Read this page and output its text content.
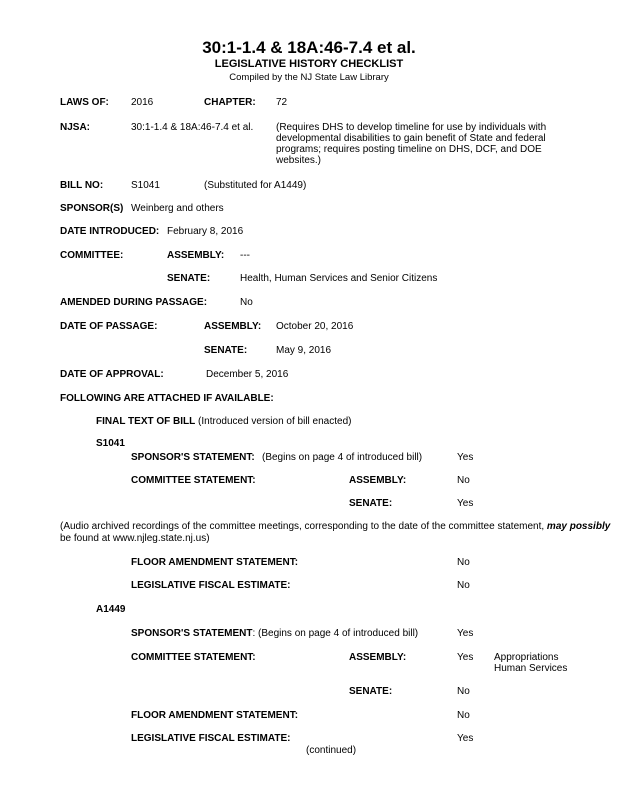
30:1-1.4 & 18A:46-7.4 et al.
LEGISLATIVE HISTORY CHECKLIST
Compiled by the NJ State Law Library
LAWS OF: 2016	CHAPTER: 72
NJSA:	30:1-1.4 & 18A:46-7.4 et al. (Requires DHS to develop timeline for use by individuals with
developmental disabilities to gain benefit of State and federal
programs; requires posting timeline on DHS, DCF, and DOE
websites.)
BILL NO:	S1041	(Substituted for A1449)
SPONSOR(S) Weinberg and others
DATE INTRODUCED: February 8, 2016
COMMITTEE:	ASSEMBLY: ---
SENATE:	Health, Human Services and Senior Citizens
AMENDED DURING PASSAGE:	No
DATE OF PASSAGE:	ASSEMBLY: October 20, 2016
SENATE:	May 9, 2016
DATE OF APPROVAL:	December 5, 2016
FOLLOWING ARE ATTACHED IF AVAILABLE:
FINAL TEXT OF BILL (Introduced version of bill enacted)
S1041
SPONSOR'S STATEMENT: (Begins on page 4 of introduced bill)	Yes
COMMITTEE STATEMENT:	ASSEMBLY:	No
SENATE:	Yes
(Audio archived recordings of the committee meetings, corresponding to the date of the committee statement, may possibly
be found at www.njleg.state.nj.us)
FLOOR AMENDMENT STATEMENT:	No
LEGISLATIVE FISCAL ESTIMATE:	No
A1449
SPONSOR'S STATEMENT: (Begins on page 4 of introduced bill)	Yes
COMMITTEE STATEMENT:	ASSEMBLY:	Yes Appropriations
Human Services
SENATE:	No
FLOOR AMENDMENT STATEMENT:	No
LEGISLATIVE FISCAL ESTIMATE:	Yes
(continued)
